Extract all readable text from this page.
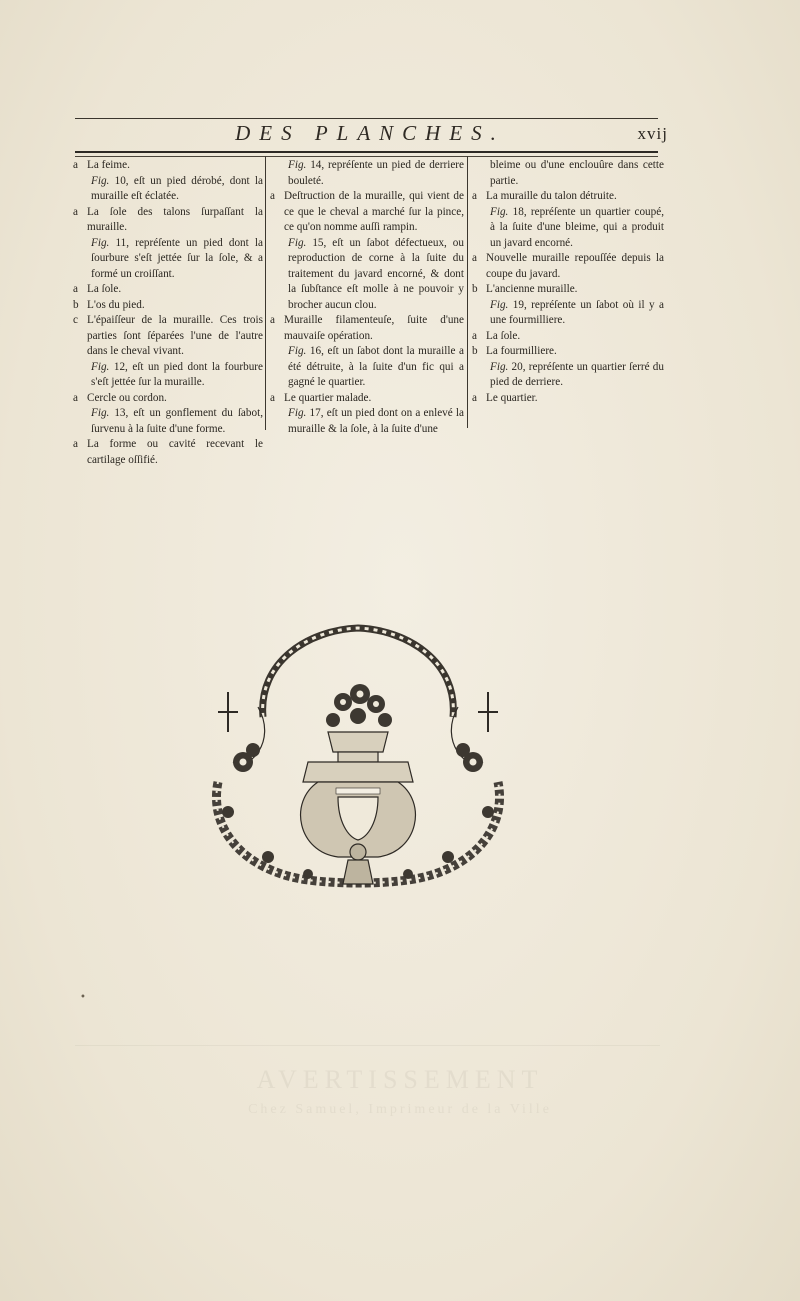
AVERTISSEMENT
Chez Samuel, Imprimeur de la Ville
DES PLANCHES.	xvij

a La feime.

Fig. 10, eſt un pied dérobé, dont la muraille eſt éclatée.

a La ſole des talons ſurpaſſant la muraille.

Fig. 11, repréſente un pied dont la ſourbure s'eſt jettée ſur la ſole, & a formé un croiſſant.

a La ſole.

b L'os du pied.

c L'épaiſſeur de la muraille. Ces trois parties ſont ſéparées l'une de l'autre dans le cheval vivant.

Fig. 12, eſt un pied dont la fourbure s'eſt jettée ſur la muraille.

a Cercle ou cordon.

Fig. 13, eſt un gonflement du ſabot, ſurvenu à la ſuite d'une forme.

a La forme ou cavité recevant le cartilage oſſifié.

Fig. 14, repréſente un pied de derriere bouleté.

a Deſtruction de la muraille, qui vient de ce que le cheval a marché ſur la pince, ce qu'on nomme auſſi rampin.

Fig. 15, eſt un ſabot défectueux, ou reproduction de corne à la ſuite du traitement du javard encorné, & dont la ſubſtance eſt molle à ne pouvoir y brocher aucun clou.

a Muraille filamenteuſe, ſuite d'une mauvaiſe opération.

Fig. 16, eſt un ſabot dont la muraille a été détruite, à la ſuite d'un fic qui a gagné le quartier.

a Le quartier malade.

Fig. 17, eſt un pied dont on a enlevé la muraille & la ſole, à la ſuite d'une

bleime ou d'une enclouûre dans cette partie.

a La muraille du talon détruite.

Fig. 18, repréſente un quartier coupé, à la ſuite d'une bleime, qui a produit un javard encorné.

a Nouvelle muraille repouſſée depuis la coupe du javard.

b L'ancienne muraille.

Fig. 19, repréſente un ſabot où il y a une fourmilliere.

a La ſole.

b La fourmilliere.

Fig. 20, repréſente un quartier ſerré du pied de derriere.

a Le quartier.

•
